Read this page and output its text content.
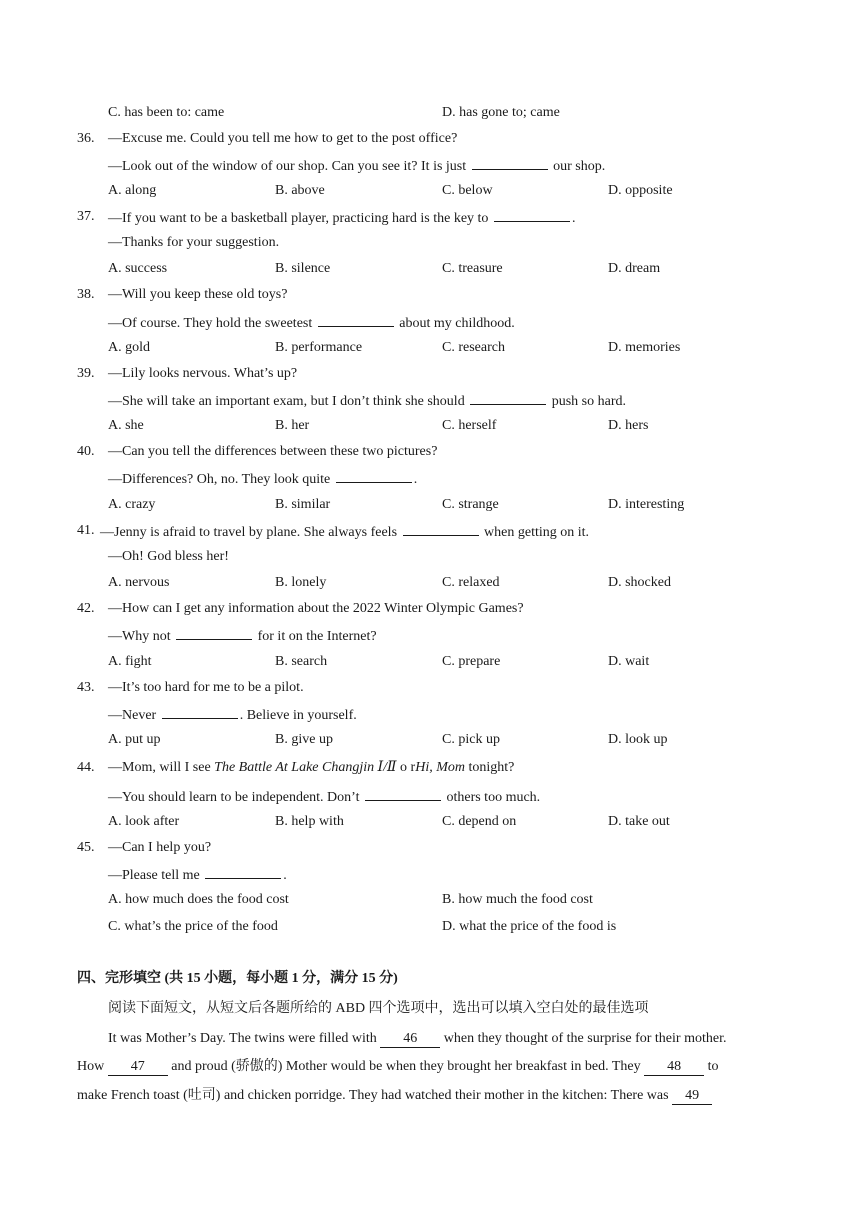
C. has been to: came	D. has gone to; came
36. —Excuse me. Could you tell me how to get to the post office?
—Look out of the window of our shop. Can you see it? It is just	our shop.
A. along	B. above	C. below	D. opposite
37. —If you want to be a basketball player, practicing hard is the key to	.
—Thanks for your suggestion.
A. success	B. silence	C. treasure	D. dream
38. —Will you keep these old toys?
—Of course. They hold the sweetest	about my childhood.
A. gold	B. performance	C. research	D. memories
39. —Lily looks nervous. What’s up?
—She will take an important exam, but I don’t think she should	push so hard.
A. she	B. her	C. herself	D. hers
40. —Can you tell the differences between these two pictures?
—Differences? Oh, no. They look quite	.
A. crazy	B. similar	C. strange	D. interesting
41. —Jenny is afraid to travel by plane. She always feels	when getting on it.
—Oh! God bless her!
A. nervous	B. lonely	C. relaxed	D. shocked
42. —How can I get any information about the 2022 Winter Olympic Games?
—Why not	for it on the Internet?
A. fight	B. search	C. prepare	D. wait
43. —It’s too hard for me to be a pilot.
—Never	. Believe in yourself.
A. put up	B. give up	C. pick up	D. look up
44. —Mom, will I see The Battle At Lake Changjin Ⅰ/Ⅱ o rHi, Mom tonight?
—You should learn to be independent. Don’t	others too much.
A. look after	B. help with	C. depend on	D. take out
45. —Can I help you?
—Please tell me	.
A. how much does the food cost	B. how much the food cost
C. what’s the price of the food	D. what the price of the food is
四、完形填空 (共 15 小题，每小题 1 分，满分 15 分)
阅读下面短文，从短文后各题所给的 ABD 四个选项中，选出可以填入空白处的最佳选项
It was Mother’s Day. The twins were filled with 46 when they thought of the surprise for their mother.
How 47 and proud (骄傲的) Mother would be when they brought her breakfast in bed. They 48 to
make French toast (吐司) and chicken porridge. They had watched their mother in the kitchen: There was 49
